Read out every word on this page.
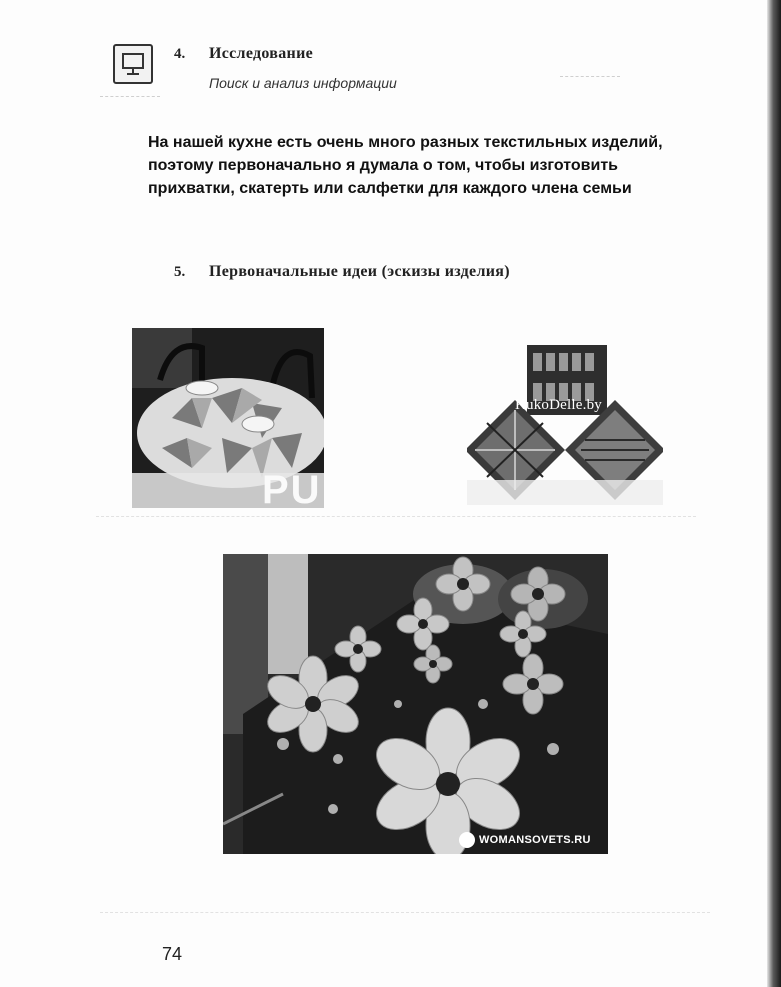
4. Исследование
Поиск и анализ информации
На нашей кухне есть очень много разных текстильных изделий, поэтому первоначально я думала о том, чтобы изготовить прихватки, скатерть или салфетки для каждого члена семьи
5. Первоначальные идеи (эскизы изделия)
PU
KukoDelle.by
WOMANSOVETS.RU
74
